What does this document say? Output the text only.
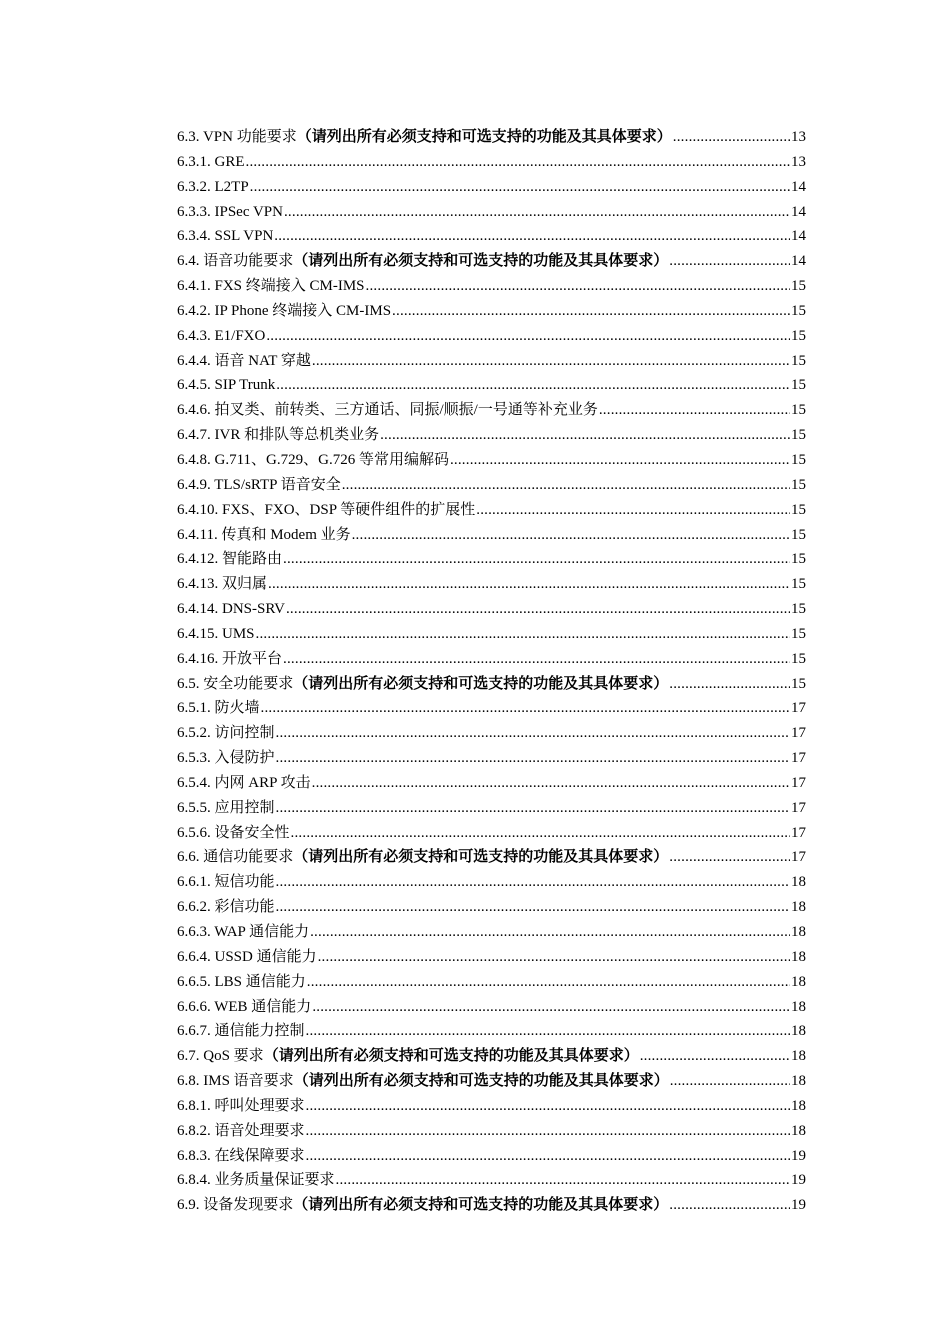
6.3. VPN 功能要求（请列出所有必须支持和可选支持的功能及其具体要求） .....	13
6.3.1. GRE .....	13
6.3.2. L2TP .....	14
6.3.3. IPSec VPN .....	14
6.3.4. SSL VPN .....	14
6.4. 语音功能要求（请列出所有必须支持和可选支持的功能及其具体要求） .....	14
6.4.1. FXS 终端接入 CM-IMS .....	15
6.4.2. IP Phone 终端接入 CM-IMS .....	15
6.4.3. E1/FXO .....	15
6.4.4. 语音 NAT 穿越 .....	15
6.4.5. SIP Trunk .....	15
6.4.6. 拍叉类、前转类、三方通话、同振/顺振/一号通等补充业务 .....	15
6.4.7. IVR 和排队等总机类业务 .....	15
6.4.8. G.711、G.729、G.726 等常用编解码 .....	15
6.4.9. TLS/sRTP 语音安全 .....	15
6.4.10. FXS、FXO、DSP 等硬件组件的扩展性 .....	15
6.4.11. 传真和 Modem 业务 .....	15
6.4.12. 智能路由 .....	15
6.4.13. 双归属 .....	15
6.4.14. DNS-SRV .....	15
6.4.15. UMS .....	15
6.4.16. 开放平台 .....	15
6.5. 安全功能要求（请列出所有必须支持和可选支持的功能及其具体要求） .....	15
6.5.1. 防火墙 .....	17
6.5.2. 访问控制 .....	17
6.5.3. 入侵防护 .....	17
6.5.4. 内网 ARP 攻击 .....	17
6.5.5. 应用控制 .....	17
6.5.6. 设备安全性 .....	17
6.6. 通信功能要求（请列出所有必须支持和可选支持的功能及其具体要求） .....	17
6.6.1. 短信功能 .....	18
6.6.2. 彩信功能 .....	18
6.6.3. WAP 通信能力 .....	18
6.6.4. USSD 通信能力 .....	18
6.6.5. LBS 通信能力 .....	18
6.6.6. WEB 通信能力 .....	18
6.6.7. 通信能力控制 .....	18
6.7. QoS 要求（请列出所有必须支持和可选支持的功能及其具体要求） .....	18
6.8. IMS 语音要求（请列出所有必须支持和可选支持的功能及其具体要求） .....	18
6.8.1. 呼叫处理要求 .....	18
6.8.2. 语音处理要求 .....	18
6.8.3. 在线保障要求 .....	19
6.8.4. 业务质量保证要求 .....	19
6.9. 设备发现要求（请列出所有必须支持和可选支持的功能及其具体要求） .....	19
